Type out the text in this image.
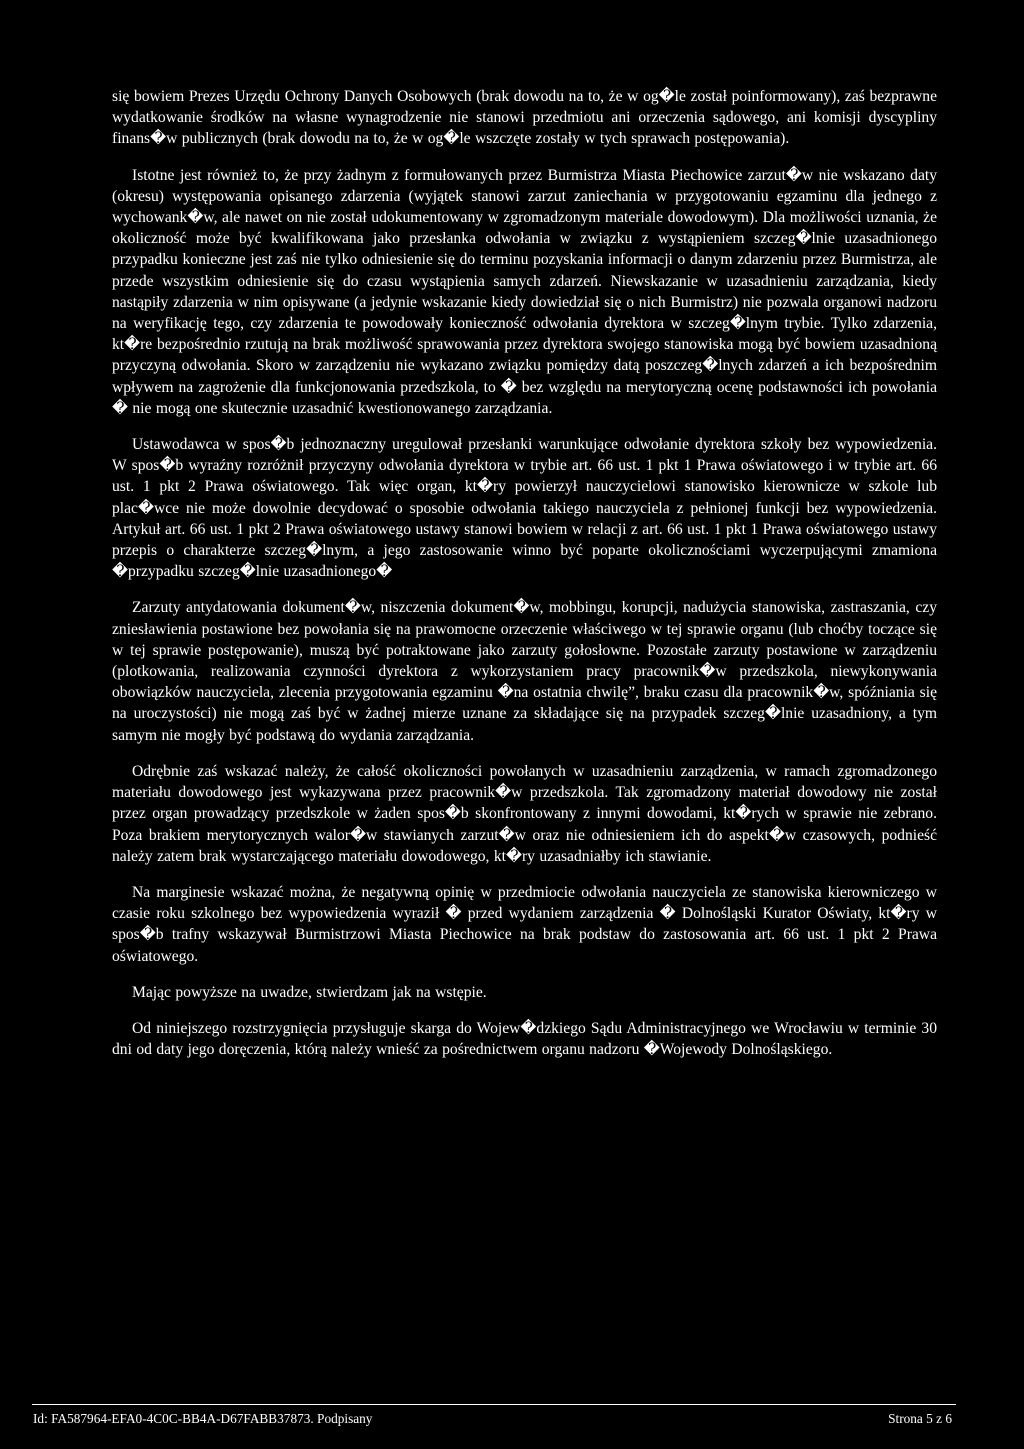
się bowiem Prezes Urzędu Ochrony Danych Osobowych (brak dowodu na to, że w og�le został poinformowany), zaś bezprawne wydatkowanie środków na własne wynagrodzenie nie stanowi przedmiotu ani orzeczenia sądowego, ani komisji dyscypliny finans�w publicznych (brak dowodu na to, że w og�le wszczęte zostały w tych sprawach postępowania).

Istotne jest również to, że przy żadnym z formułowanych przez Burmistrza Miasta Piechowice zarzut�w nie wskazano daty (okresu) występowania opisanego zdarzenia (wyjątek stanowi zarzut zaniechania w przygotowaniu egzaminu dla jednego z wychowank�w, ale nawet on nie został udokumentowany w zgromadzonym materiale dowodowym). Dla możliwości uznania, że okoliczność może być kwalifikowana jako przesłanka odwołania w związku z wystąpieniem szczeg�lnie uzasadnionego przypadku konieczne jest zaś nie tylko odniesienie się do terminu pozyskania informacji o danym zdarzeniu przez Burmistrza, ale przede wszystkim odniesienie się do czasu wystąpienia samych zdarzeń. Niewskazanie w uzasadnieniu zarządzania, kiedy nastąpiły zdarzenia w nim opisywane (a jedynie wskazanie kiedy dowiedział się o nich Burmistrz) nie pozwala organowi nadzoru na weryfikację tego, czy zdarzenia te powodowały konieczność odwołania dyrektora w szczeg�lnym trybie. Tylko zdarzenia, kt�re bezpośrednio rzutują na brak możliwość sprawowania przez dyrektora swojego stanowiska mogą być bowiem uzasadnioną przyczyną odwołania. Skoro w zarządzeniu nie wykazano związku pomiędzy datą poszczeg�lnych zdarzeń a ich bezpośrednim wpływem na zagrożenie dla funkcjonowania przedszkola, to � bez względu na merytoryczną ocenę podstawności ich powołania � nie mogą one skutecznie uzasadnić kwestionowanego zarządzania.

Ustawodawca w spos�b jednoznaczny uregulował przesłanki warunkujące odwołanie dyrektora szkoły bez wypowiedzenia. W spos�b wyraźny rozróżnił przyczyny odwołania dyrektora w trybie art. 66 ust. 1 pkt 1 Prawa oświatowego i w trybie art. 66 ust. 1 pkt 2 Prawa oświatowego. Tak więc organ, kt�ry powierzył nauczycielowi stanowisko kierownicze w szkole lub plac�wce nie może dowolnie decydować o sposobie odwołania takiego nauczyciela z pełnionej funkcji bez wypowiedzenia. Artykuł art. 66 ust. 1 pkt 2 Prawa oświatowego ustawy stanowi bowiem w relacji z art. 66 ust. 1 pkt 1 Prawa oświatowego ustawy przepis o charakterze szczeg�lnym, a jego zastosowanie winno być poparte okolicznościami wyczerpującymi zmamiona �przypadku szczeg�lnie uzasadnionego�

Zarzuty antydatowania dokument�w, niszczenia dokument�w, mobbingu, korupcji, nadużycia stanowiska, zastraszania, czy zniesławienia postawione bez powołania się na prawomocne orzeczenie właściwego w tej sprawie organu (lub choćby toczące się w tej sprawie postępowanie), muszą być potraktowane jako zarzuty gołosłowne. Pozostałe zarzuty postawione w zarządzeniu (plotkowania, realizowania czynności dyrektora z wykorzystaniem pracy pracownik�w przedszkola, niewykonywania obowiązków nauczyciela, zlecenia przygotowania egzaminu �na ostatnia chwilę”, braku czasu dla pracownik�w, spóźniania się na uroczystości) nie mogą zaś być w żadnej mierze uznane za składające się na przypadek szczeg�lnie uzasadniony, a tym samym nie mogły być podstawą do wydania zarządzania.

Odrębnie zaś wskazać należy, że całość okoliczności powołanych w uzasadnieniu zarządzenia, w ramach zgromadzonego materiału dowodowego jest wykazywana przez pracownik�w przedszkola. Tak zgromadzony materiał dowodowy nie został przez organ prowadzący przedszkole w żaden spos�b skonfrontowany z innymi dowodami, kt�rych w sprawie nie zebrano. Poza brakiem merytorycznych walor�w stawianych zarzut�w oraz nie odniesieniem ich do aspekt�w czasowych, podnieść należy zatem brak wystarczającego materiału dowodowego, kt�ry uzasadniałby ich stawianie.

Na marginesie wskazać można, że negatywną opinię w przedmiocie odwołania nauczyciela ze stanowiska kierowniczego w czasie roku szkolnego bez wypowiedzenia wyraził � przed wydaniem zarządzenia � Dolnośląski Kurator Oświaty, kt�ry w spos�b trafny wskazywał Burmistrzowi Miasta Piechowice na brak podstaw do zastosowania art. 66 ust. 1 pkt 2 Prawa oświatowego.

Mając powyższe na uwadze, stwierdzam jak na wstępie.

Od niniejszego rozstrzygnięcia przysługuje skarga do Wojew�dzkiego Sądu Administracyjnego we Wrocławiu w terminie 30 dni od daty jego doręczenia, którą należy wnieść za pośrednictwem organu nadzoru �Wojewody Dolnośląskiego.

Id: FA587964-EFA0-4C0C-BB4A-D67FABB37873. Podpisany	Strona 5 z 6
